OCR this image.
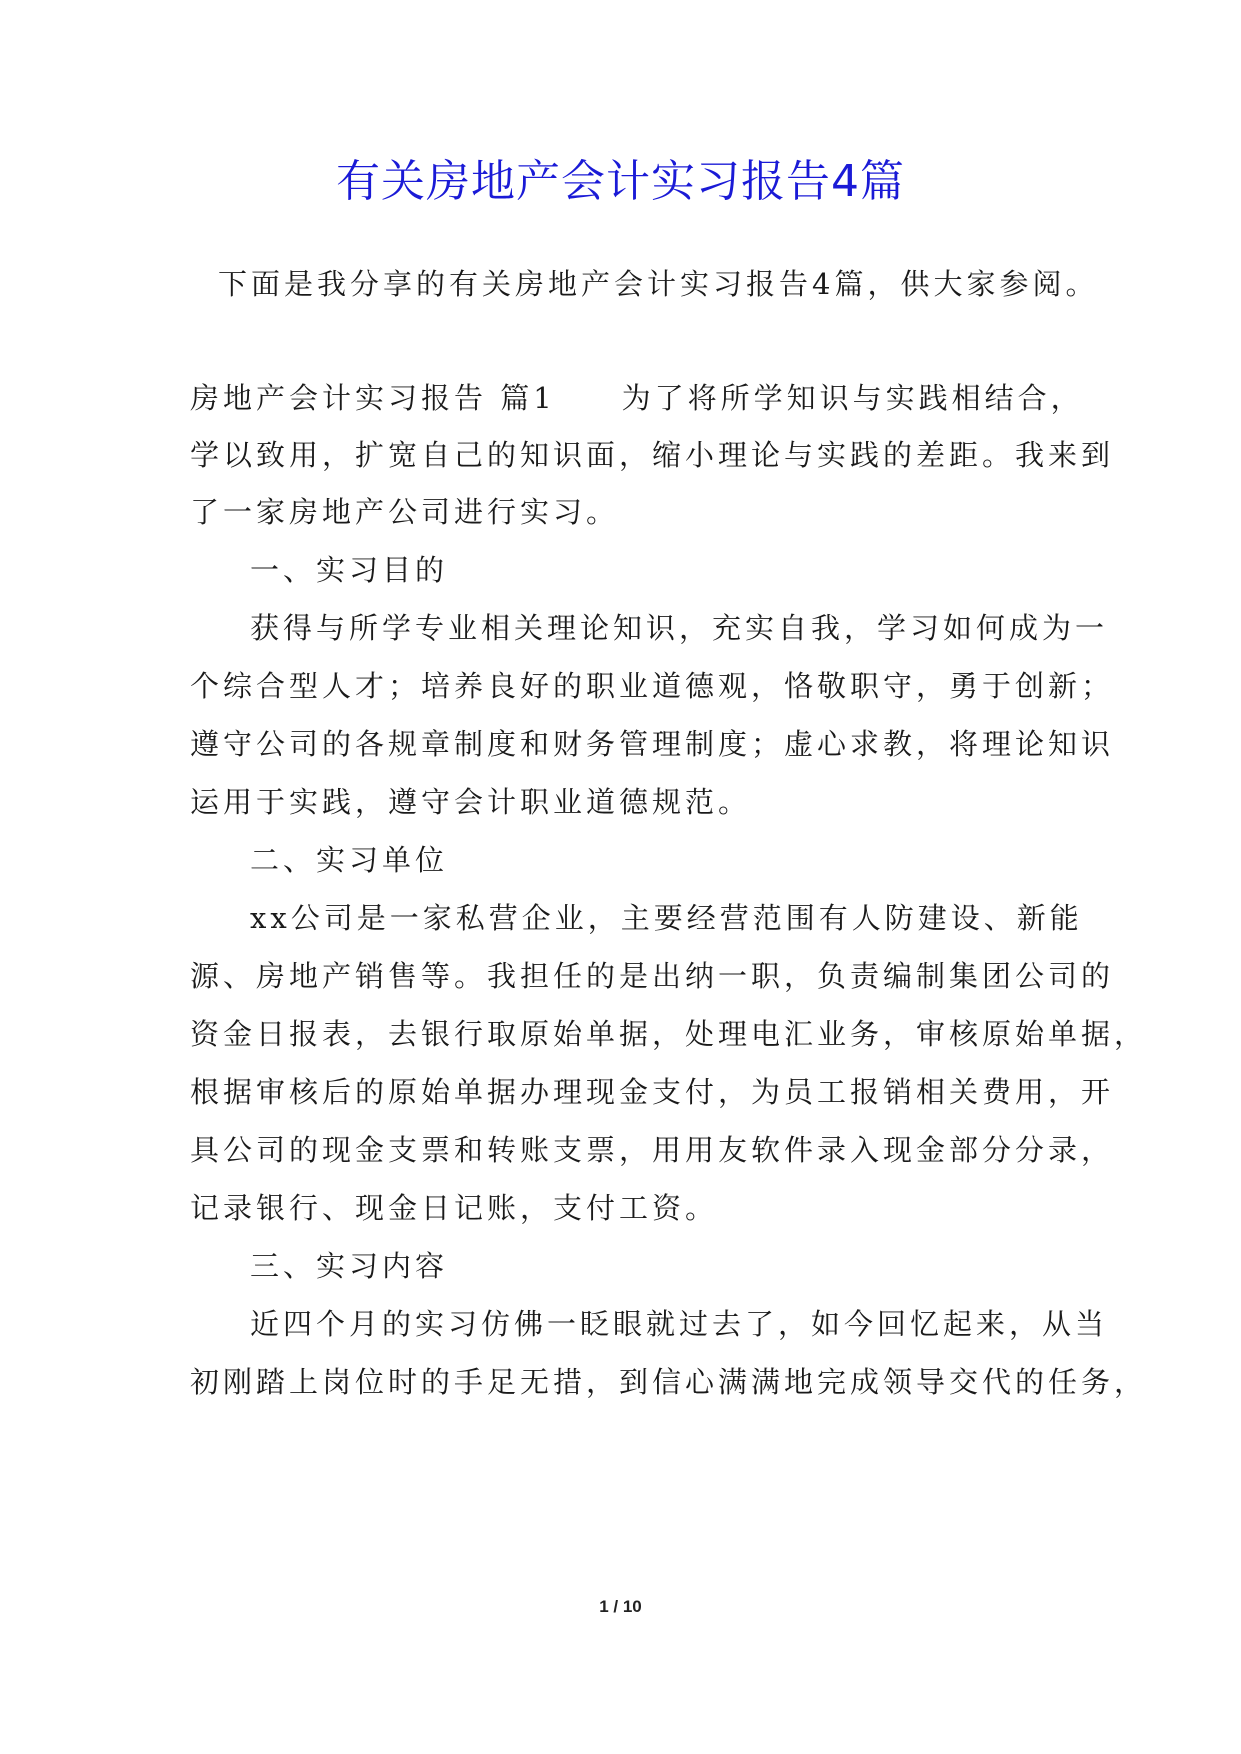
有关房地产会计实习报告4篇
下面是我分享的有关房地产会计实习报告4篇，供大家参阅。
房地产会计实习报告 篇1　　为了将所学知识与实践相结合，
学以致用，扩宽自己的知识面，缩小理论与实践的差距。我来到
了一家房地产公司进行实习。
一、实习目的
获得与所学专业相关理论知识，充实自我，学习如何成为一
个综合型人才；培养良好的职业道德观，恪敬职守，勇于创新；
遵守公司的各规章制度和财务管理制度；虚心求教，将理论知识
运用于实践，遵守会计职业道德规范。
二、实习单位
xx公司是一家私营企业，主要经营范围有人防建设、新能
源、房地产销售等。我担任的是出纳一职，负责编制集团公司的
资金日报表，去银行取原始单据，处理电汇业务，审核原始单据，
根据审核后的原始单据办理现金支付，为员工报销相关费用，开
具公司的现金支票和转账支票，用用友软件录入现金部分分录，
记录银行、现金日记账，支付工资。
三、实习内容
近四个月的实习仿佛一眨眼就过去了，如今回忆起来，从当
初刚踏上岗位时的手足无措，到信心满满地完成领导交代的任务，
1 / 10
